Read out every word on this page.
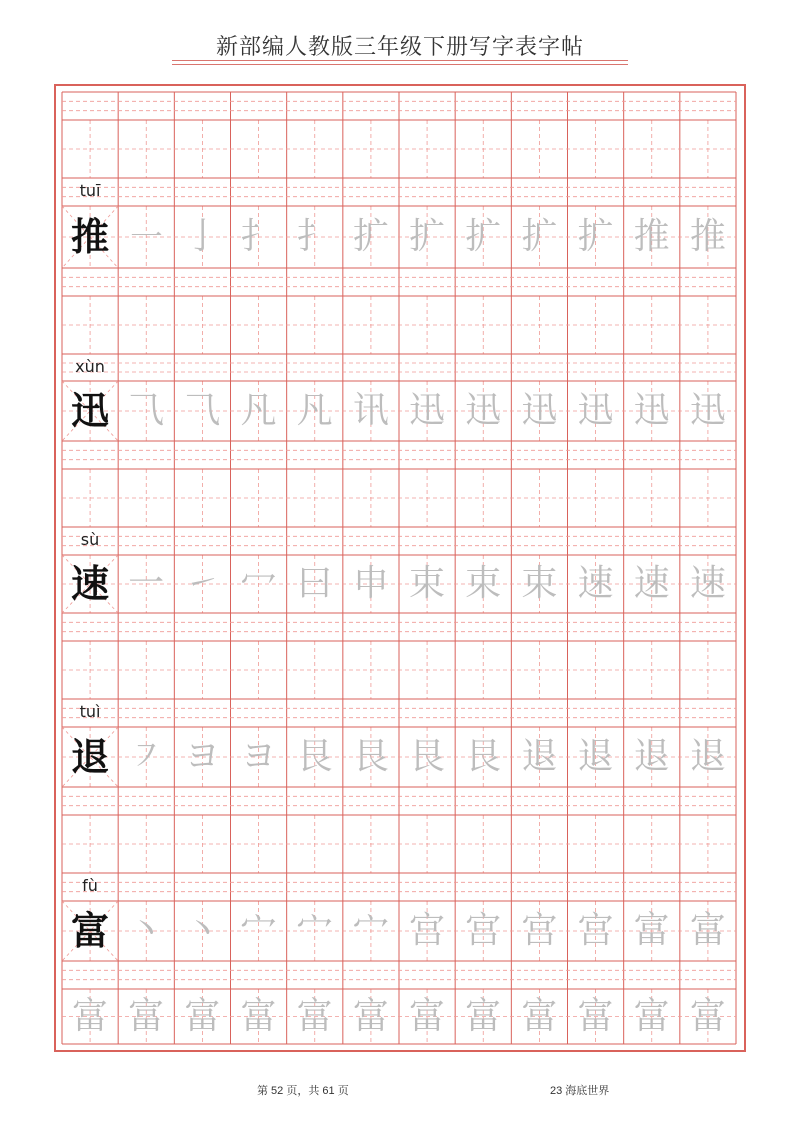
新部编人教版三年级下册写字表字帖
tuī
推 ㇐ 亅 扌 扌 扩 扩 扩 扩 扩 推 推
xùn
迅 ⺄ ⺄ 凡 凡 讯 迅 迅 迅 迅 迅 迅
sù
速 一 ㇀ 冖 曰 申 束 束 束 速 速 速
tuì
退 ㇇ ヨ ヨ 艮 艮 艮 艮 退 退 退 退
fù
富 丶 丶 宀 宀 宀 宫 宫 宫 宫 富 富
富 富 富 富 富 富 富 富 富 富 富 富
第 52 页，共 61 页	23 海底世界
